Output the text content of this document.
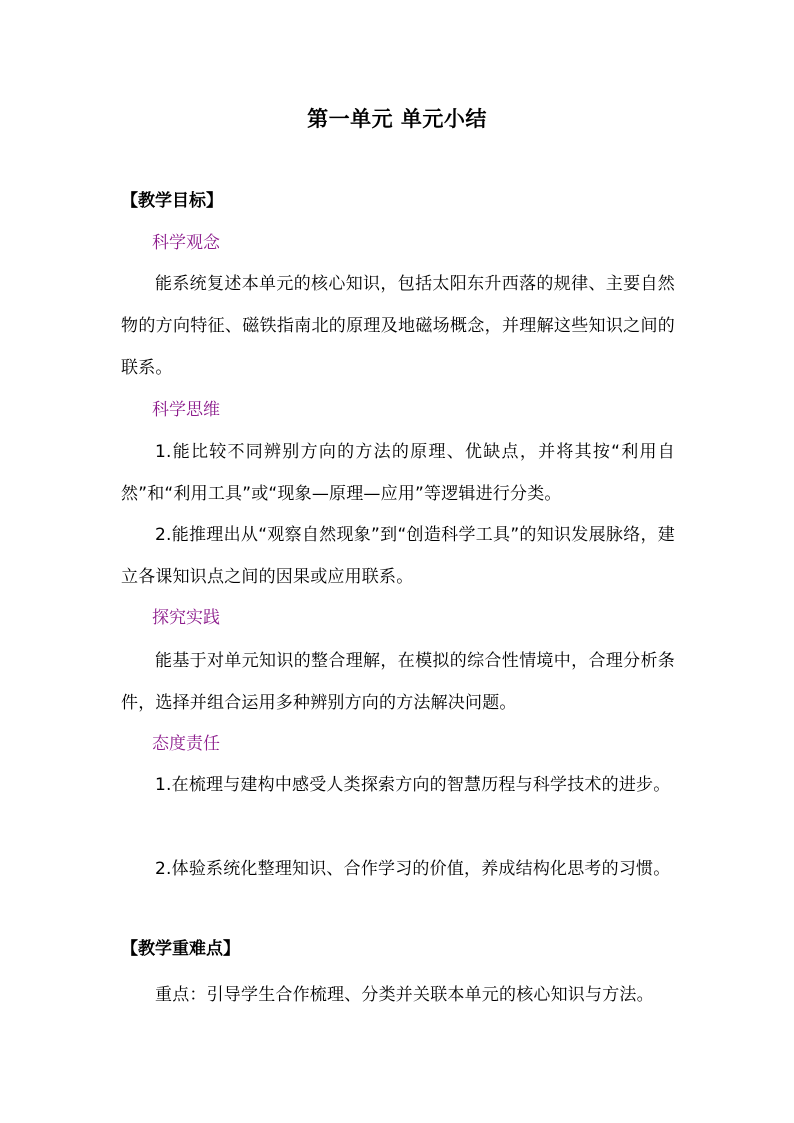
第一单元 单元小结
【教学目标】
科学观念
能系统复述本单元的核心知识，包括太阳东升西落的规律、主要自然物的方向特征、磁铁指南北的原理及地磁场概念，并理解这些知识之间的联系。
科学思维
1.能比较不同辨别方向的方法的原理、优缺点，并将其按“利用自然”和“利用工具”或“现象—原理—应用”等逻辑进行分类。
2.能推理出从“观察自然现象”到“创造科学工具”的知识发展脉络，建立各课知识点之间的因果或应用联系。
探究实践
能基于对单元知识的整合理解，在模拟的综合性情境中，合理分析条件，选择并组合运用多种辨别方向的方法解决问题。
态度责任
1.在梳理与建构中感受人类探索方向的智慧历程与科学技术的进步。
2.体验系统化整理知识、合作学习的价值，养成结构化思考的习惯。
【教学重难点】
重点：引导学生合作梳理、分类并关联本单元的核心知识与方法。
